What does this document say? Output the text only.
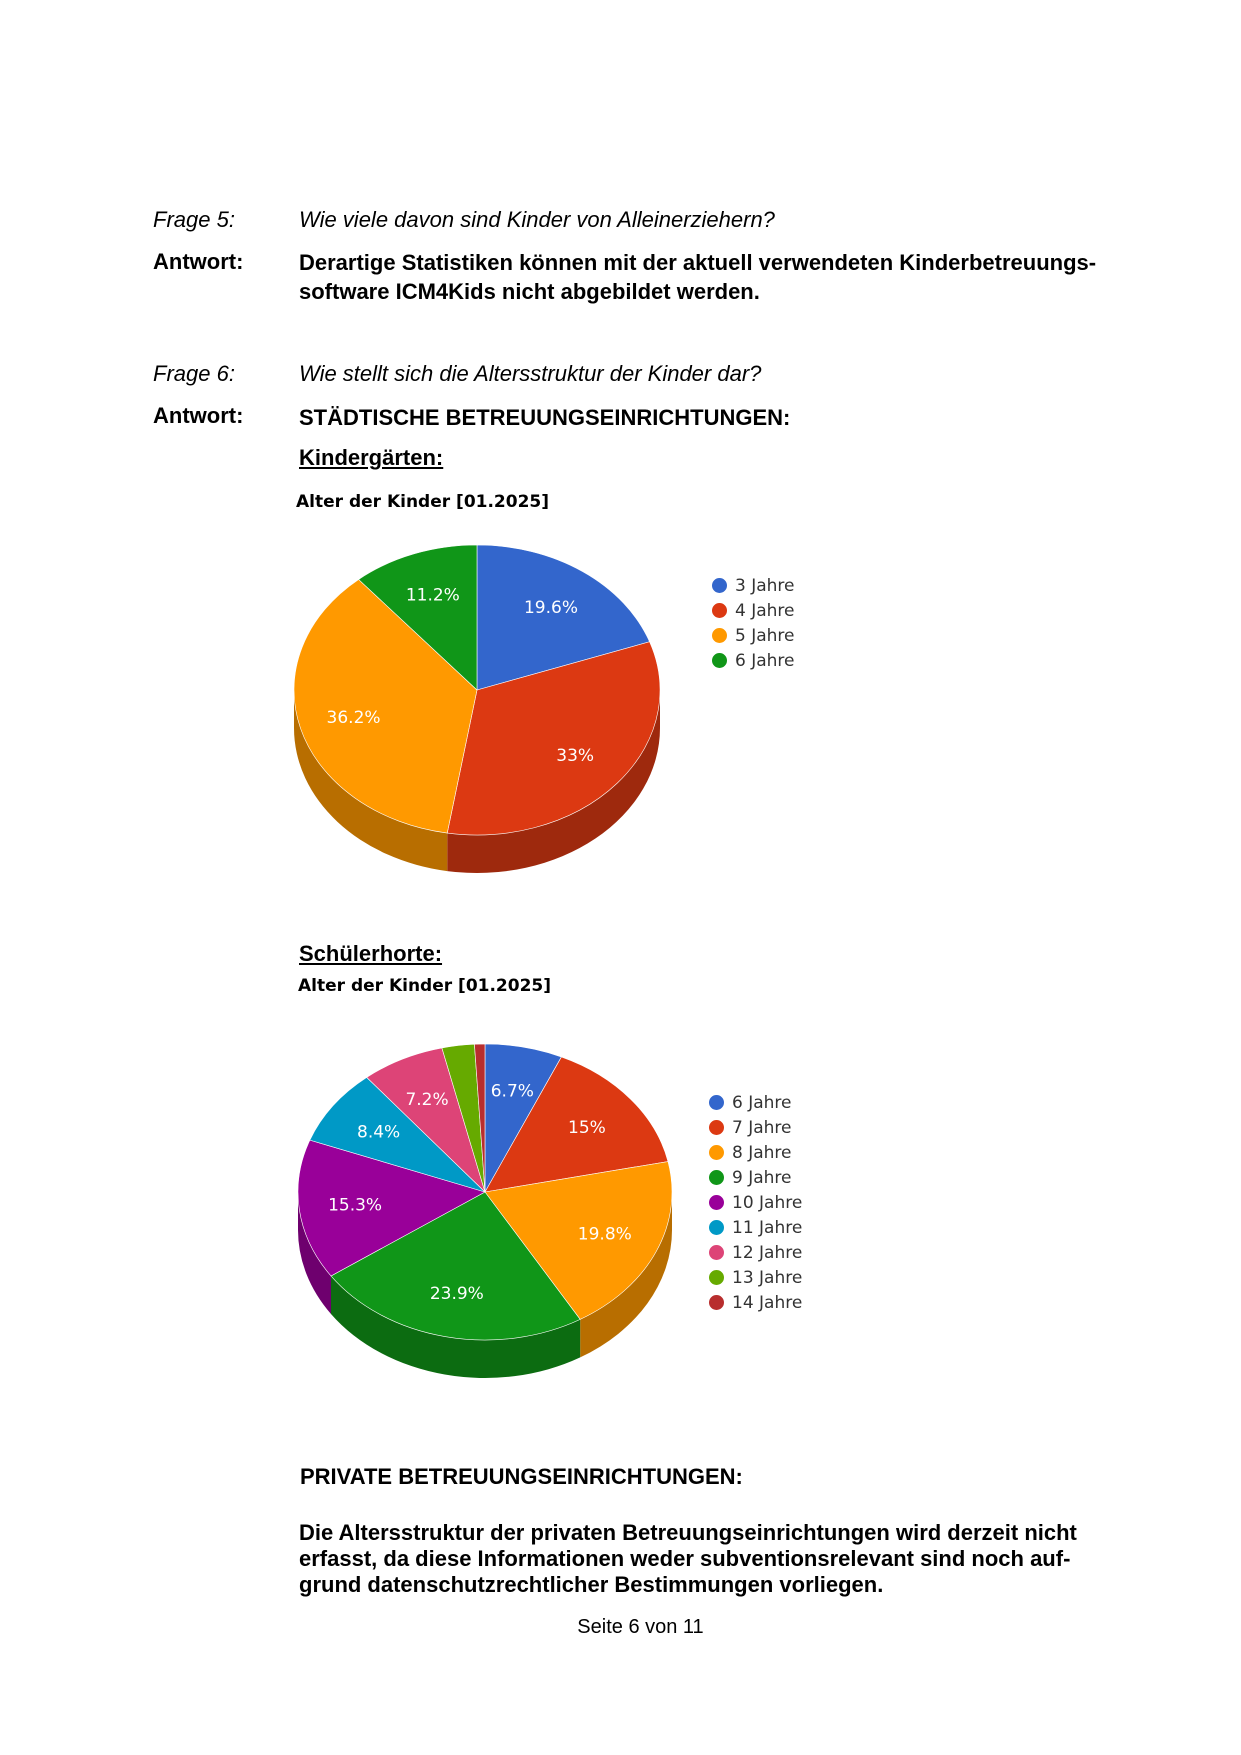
Frage 5:	Wie viele davon sind Kinder von Alleinerziehern?
Antwort:	Derartige Statistiken können mit der aktuell verwendeten Kinderbetreuungs-
software ICM4Kids nicht abgebildet werden.
Frage 6:	Wie stellt sich die Altersstruktur der Kinder dar?
Antwort:	STÄDTISCHE BETREUUNGSEINRICHTUNGEN:
Kindergärten:
Alter der Kinder [01.2025]
19.6%
33%
36.2%
11.2%
3 Jahre
4 Jahre
5 Jahre
6 Jahre
Schülerhorte:
Alter der Kinder [01.2025]
6.7%
15%
19.8%
23.9%
15.3%
8.4%
7.2%	6 Jahre
7 Jahre
8 Jahre
9 Jahre
10 Jahre
11 Jahre
12 Jahre
13 Jahre
14 Jahre
PRIVATE BETREUUNGSEINRICHTUNGEN:
Die Altersstruktur der privaten Betreuungseinrichtungen wird derzeit nicht
erfasst, da diese Informationen weder subventionsrelevant sind noch auf-
grund datenschutzrechtlicher Bestimmungen vorliegen.
Seite 6 von 11
